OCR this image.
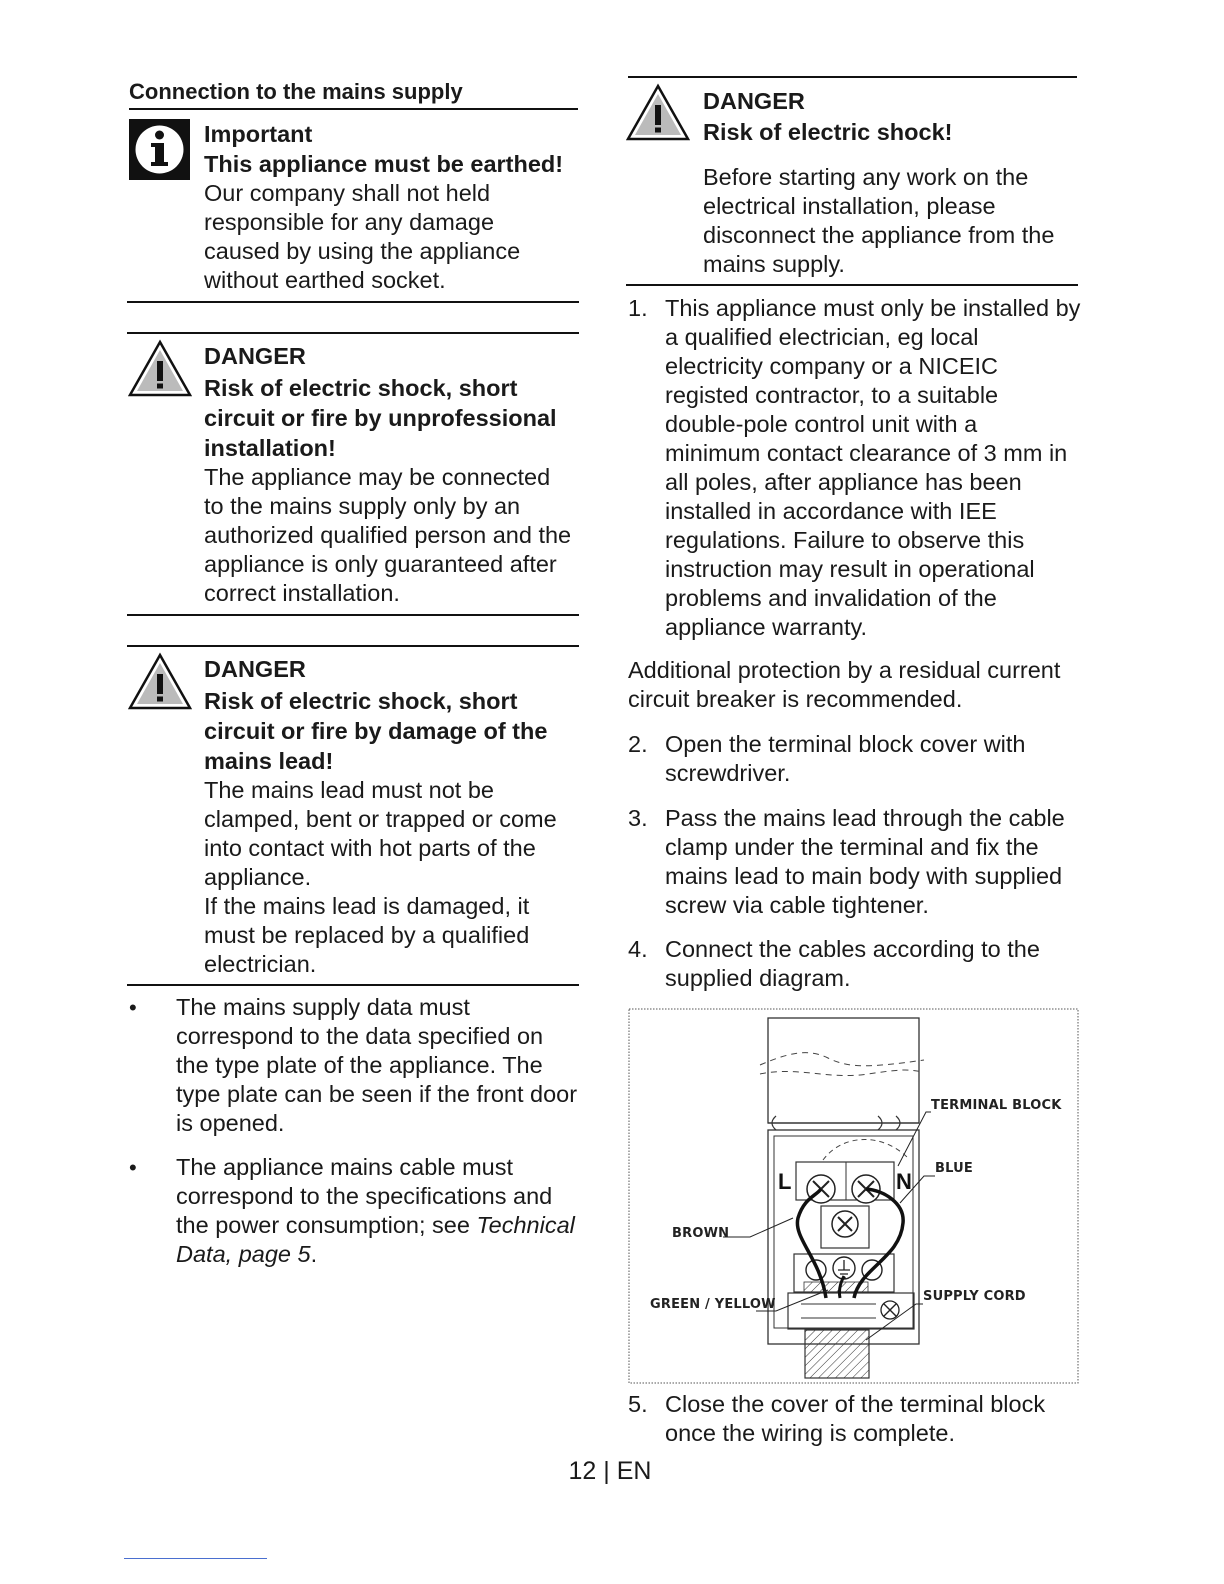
Connection to the mains supply
Important
This appliance must be earthed!
Our company shall not held
responsible for any damage
caused by using the appliance
without earthed socket.
DANGER
Risk of electric shock, short
circuit or fire by unprofessional
installation!
The appliance may be connected
to the mains supply only by an
authorized qualified person and the
appliance is only guaranteed after
correct installation.
DANGER
Risk of electric shock, short
circuit or fire by damage of the
mains lead!
The mains lead must not be
clamped, bent or trapped or come
into contact with hot parts of the
appliance.
If the mains lead is damaged, it
must be replaced by a qualified
electrician.
• The mains supply data must
correspond to the data specified on
the type plate of the appliance. The
type plate can be seen if the front door
is opened.
• The appliance mains cable must
correspond to the specifications and
the power consumption; see Technical
Data, page 5.
DANGER
Risk of electric shock!
Before starting any work on the
electrical installation, please
disconnect the appliance from the
mains supply.
1. This appliance must only be installed by
a qualified electrician, eg local
electricity company or a NICEIC
registed contractor, to a suitable
double-pole control unit with a
minimum contact clearance of 3 mm in
all poles, after appliance has been
installed in accordance with IEE
regulations. Failure to observe this
instruction may result in operational
problems and invalidation of the
appliance warranty.
Additional protection by a residual current
circuit breaker is recommended.
2. Open the terminal block cover with
screwdriver.
3. Pass the mains lead through the cable
clamp under the terminal and fix the
mains lead to main body with supplied
screw via cable tightener.
4. Connect the cables according to the
supplied diagram.
L	N
TERMINAL BLOCK
BLUE
BROWN
GREEN / YELLOW
SUPPLY CORD
5. Close the cover of the terminal block
once the wiring is complete.
12 | EN
